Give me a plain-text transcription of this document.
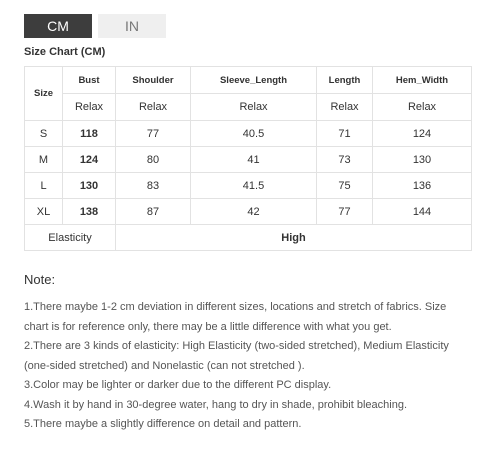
CM	IN
Size Chart (CM)
Size	Bust	Shoulder	Sleeve_Length	Length	Hem_Width
	Relax	Relax	Relax	Relax	Relax
S	118	77	40.5	71	124
M	124	80	41	73	130
L	130	83	41.5	75	136
XL	138	87	42	77	144
Elasticity		High			
Note:

1.There maybe 1-2 cm deviation in different sizes, locations and stretch of fabrics. Size chart is for reference only, there may be a little difference with what you get.

2.There are 3 kinds of elasticity: High Elasticity (two-sided stretched), Medium Elasticity (one-sided stretched) and Nonelastic (can not stretched ).

3.Color may be lighter or darker due to the different PC display.

4.Wash it by hand in 30-degree water, hang to dry in shade, prohibit bleaching.

5.There maybe a slightly difference on detail and pattern.
